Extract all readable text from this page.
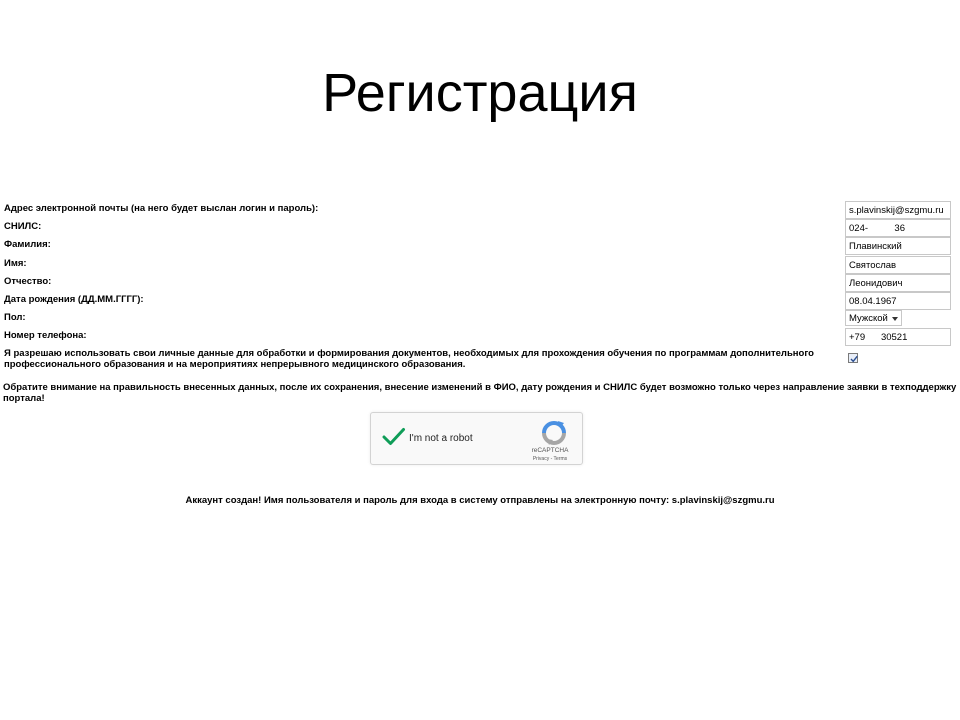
Регистрация
Адрес электронной почты (на него будет выслан логин и пароль):
s.plavinskij@szgmu.ru
СНИЛС:
024- 36
Фамилия:
Плавинский
Имя:
Святослав
Отчество:
Леонидович
Дата рождения (ДД.ММ.ГГГГ):
08.04.1967
Пол:	Мужской
Номер телефона:
+79 30521
Я разрешаю использовать свои личные данные для обработки и формирования документов, необходимых для прохождения обучения по программам дополнительного профессионального образования и на мероприятиях непрерывного медицинского образования.
Обратите внимание на правильность внесенных данных, после их сохранения, внесение изменений в ФИО, дату рождения и СНИЛС будет возможно только через направление заявки в техподдержку портала!
I'm not a robot
reCAPTCHA
Privacy - Terms
Аккаунт создан! Имя пользователя и пароль для входа в систему отправлены на электронную почту: s.plavinskij@szgmu.ru
